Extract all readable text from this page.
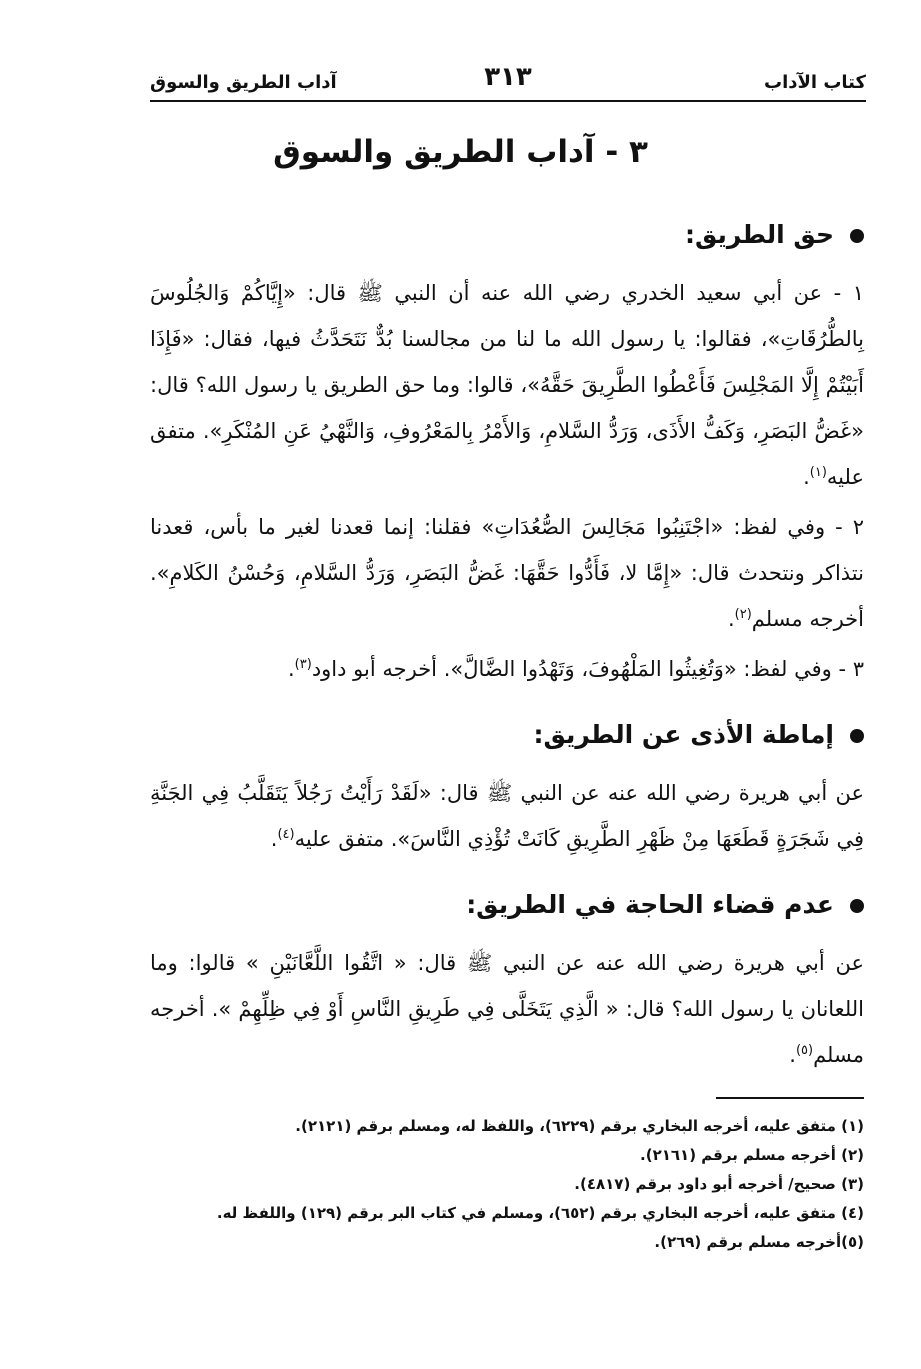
كتاب الآداب
٣١٣
آداب الطريق والسوق
٣ - آداب الطريق والسوق
حق الطريق:

١ - عن أبي سعيد الخدري رضي الله عنه أن النبي ﷺ قال: «إِيَّاكُمْ وَالجُلُوسَ بِالطُّرُقَاتِ»، فقالوا: يا رسول الله ما لنا من مجالسنا بُدٌّ نَتَحَدَّثُ فيها، فقال: «فَإِذَا أَبَيْتُمْ إِلَّا المَجْلِسَ فَأَعْطُوا الطَّرِيقَ حَقَّهُ»، قالوا: وما حق الطريق يا رسول الله؟ قال: «غَضُّ البَصَرِ، وَكَفُّ الأَذَى، وَرَدُّ السَّلامِ، وَالأَمْرُ بِالمَعْرُوفِ، وَالنَّهْيُ عَنِ المُنْكَرِ». متفق عليه$^{(١)}$.

٢ - وفي لفظ: «اجْتَنِبُوا مَجَالِسَ الصُّعُدَاتِ» فقلنا: إنما قعدنا لغير ما بأس، قعدنا نتذاكر ونتحدث قال: «إِمَّا لا، فَأَدُّوا حَقَّهَا: غَضُّ البَصَرِ، وَرَدُّ السَّلامِ، وَحُسْنُ الكَلامِ». أخرجه مسلم$^{(٢)}$.

٣ - وفي لفظ: «وَتُغِيثُوا المَلْهُوفَ، وَتَهْدُوا الضَّالَّ». أخرجه أبو داود$^{(٣)}$.

إماطة الأذى عن الطريق:

عن أبي هريرة رضي الله عنه عن النبي ﷺ قال: «لَقَدْ رَأَيْتُ رَجُلاً يَتَقَلَّبُ فِي الجَنَّةِ فِي شَجَرَةٍ قَطَعَهَا مِنْ ظَهْرِ الطَّرِيقِ كَانَتْ تُؤْذِي النَّاسَ». متفق عليه$^{(٤)}$.

عدم قضاء الحاجة في الطريق:

عن أبي هريرة رضي الله عنه عن النبي ﷺ قال: « اتَّقُوا اللَّعَّانَيْنِ » قالوا: وما اللعانان يا رسول الله؟ قال: « الَّذِي يَتَخَلَّى فِي طَرِيقِ النَّاسِ أَوْ فِي ظِلِّهِمْ ». أخرجه مسلم$^{(٥)}$.

(١) متفق عليه، أخرجه البخاري برقم (٦٢٢٩)، واللفظ له، ومسلم برقم (٢١٢١).
(٢) أخرجه مسلم برقم (٢١٦١).
(٣) صحيح/ أخرجه أبو داود برقم (٤٨١٧).
(٤) متفق عليه، أخرجه البخاري برقم (٦٥٢)، ومسلم في كتاب البر برقم (١٢٩) واللفظ له.
(٥)أخرجه مسلم برقم (٢٦٩).
